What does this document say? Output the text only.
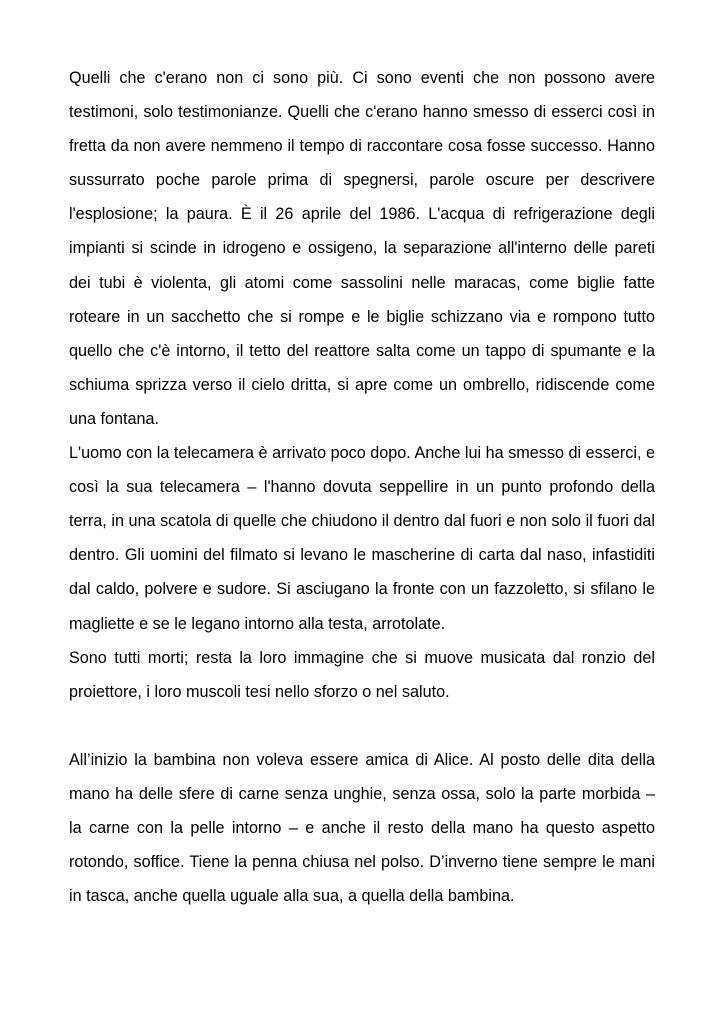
Quelli che c'erano non ci sono più. Ci sono eventi che non possono avere testimoni, solo testimonianze. Quelli che c'erano hanno smesso di esserci così in fretta da non avere nemmeno il tempo di raccontare cosa fosse successo. Hanno sussurrato poche parole prima di spegnersi, parole oscure per descrivere l'esplosione; la paura. È il 26 aprile del 1986. L'acqua di refrigerazione degli impianti si scinde in idrogeno e ossigeno, la separazione all'interno delle pareti dei tubi è violenta, gli atomi come sassolini nelle maracas, come biglie fatte roteare in un sacchetto che si rompe e le biglie schizzano via e rompono tutto quello che c'è intorno, il tetto del reattore salta come un tappo di spumante e la schiuma sprizza verso il cielo dritta, si apre come un ombrello, ridiscende come una fontana.

L'uomo con la telecamera è arrivato poco dopo. Anche lui ha smesso di esserci, e così la sua telecamera – l'hanno dovuta seppellire in un punto profondo della terra, in una scatola di quelle che chiudono il dentro dal fuori e non solo il fuori dal dentro. Gli uomini del filmato si levano le mascherine di carta dal naso, infastiditi dal caldo, polvere e sudore. Si asciugano la fronte con un fazzoletto, si sfilano le magliette e se le legano intorno alla testa, arrotolate.

Sono tutti morti; resta la loro immagine che si muove musicata dal ronzio del proiettore, i loro muscoli tesi nello sforzo o nel saluto.

All’inizio la bambina non voleva essere amica di Alice. Al posto delle dita della mano ha delle sfere di carne senza unghie, senza ossa, solo la parte morbida – la carne con la pelle intorno – e anche il resto della mano ha questo aspetto rotondo, soffice. Tiene la penna chiusa nel polso. D’inverno tiene sempre le mani in tasca, anche quella uguale alla sua, a quella della bambina.
